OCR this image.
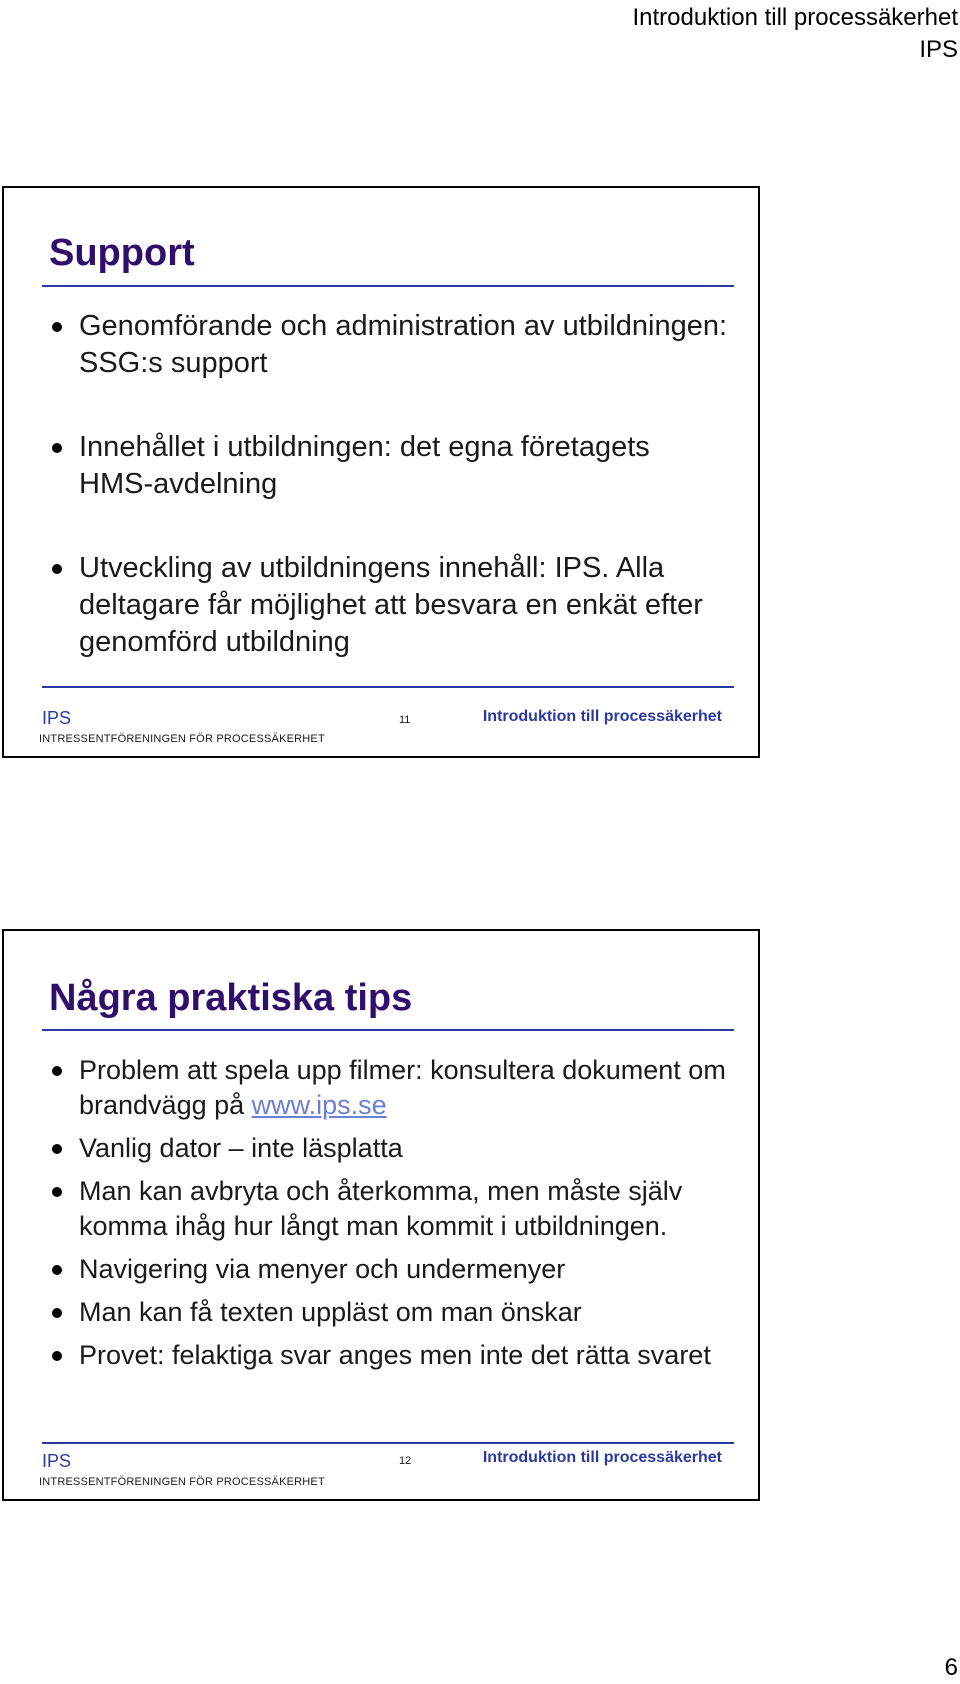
Introduktion till processäkerhet
IPS
Support
Genomförande och administration av utbildningen: SSG:s support
Innehållet i utbildningen: det egna företagets HMS-avdelning
Utveckling av utbildningens innehåll: IPS. Alla deltagare får möjlighet att besvara en enkät efter genomförd utbildning
IPS	11	Introduktion till processäkerhet
INTRESSENTFÖRENINGEN FÖR PROCESSÄKERHET
Några praktiska tips
Problem att spela upp filmer: konsultera dokument om brandvägg på www.ips.se
Vanlig dator – inte läsplatta
Man kan avbryta och återkomma, men måste själv komma ihåg hur långt man kommit i utbildningen.
Navigering via menyer och undermenyer
Man kan få texten uppläst om man önskar
Provet: felaktiga svar anges men inte det rätta svaret
IPS	12	Introduktion till processäkerhet
INTRESSENTFÖRENINGEN FÖR PROCESSÄKERHET
6
